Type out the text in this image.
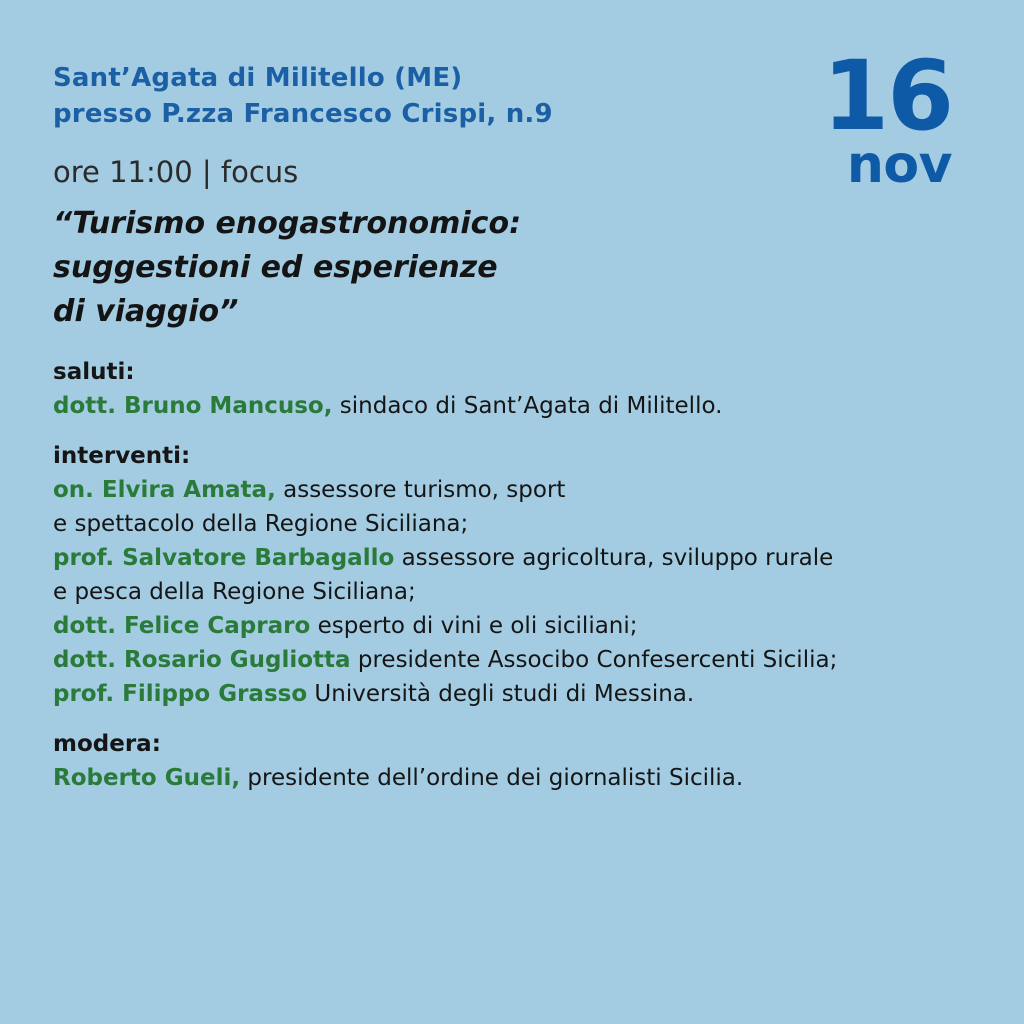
Sant’Agata di Militello (ME)
presso P.zza Francesco Crispi, n.9	16
nov
ore 11:00 | focus
“Turismo enogastronomico:
suggestioni ed esperienze
di viaggio”
saluti:
dott. Bruno Mancuso, sindaco di Sant’Agata di Militello.
interventi:
on. Elvira Amata, assessore turismo, sport
e spettacolo della Regione Siciliana;
prof. Salvatore Barbagallo assessore agricoltura, sviluppo rurale
e pesca della Regione Siciliana;
dott. Felice Capraro esperto di vini e oli siciliani;
dott. Rosario Gugliotta presidente Associbo Confesercenti Sicilia;
prof. Filippo Grasso Università degli studi di Messina.
modera:
Roberto Gueli, presidente dell’ordine dei giornalisti Sicilia.
